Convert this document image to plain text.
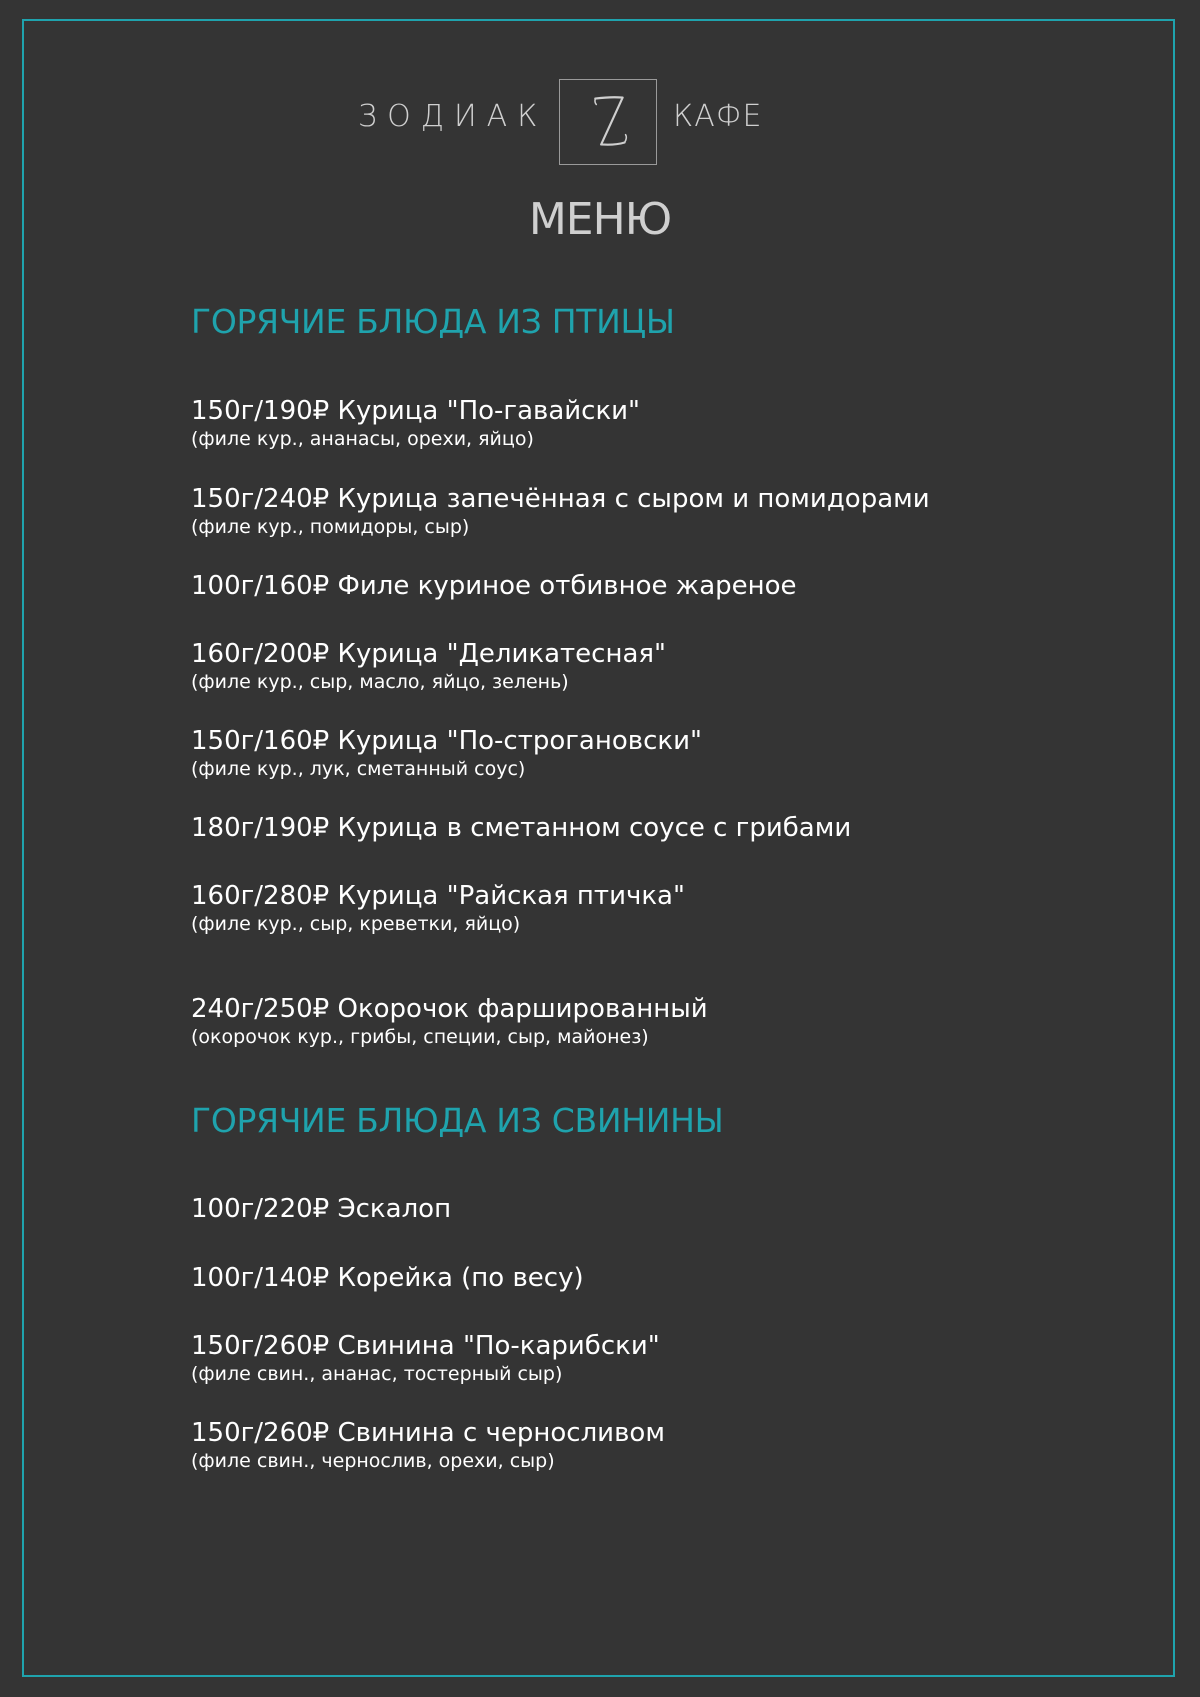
ЗОДИАК	КАФЕ
МЕНЮ
ГОРЯЧИЕ БЛЮДА ИЗ ПТИЦЫ
150г/190₽ Курица "По-гавайски"
(филе кур., ананасы, орехи, яйцо)
150г/240₽ Курица запечённая с сыром и помидорами
(филе кур., помидоры, сыр)
100г/160₽ Филе куриное отбивное жареное
160г/200₽ Курица "Деликатесная"
(филе кур., сыр, масло, яйцо, зелень)
150г/160₽ Курица "По-строгановски"
(филе кур., лук, сметанный соус)
180г/190₽ Курица в сметанном соусе с грибами
160г/280₽ Курица "Райская птичка"
(филе кур., сыр, креветки, яйцо)
240г/250₽ Окорочок фаршированный
(окорочок кур., грибы, специи, сыр, майонез)
ГОРЯЧИЕ БЛЮДА ИЗ СВИНИНЫ
100г/220₽ Эскалоп
100г/140₽ Корейка (по весу)
150г/260₽ Свинина "По-карибски"
(филе свин., ананас, тостерный сыр)
150г/260₽ Свинина с черносливом
(филе свин., чернослив, орехи, сыр)
